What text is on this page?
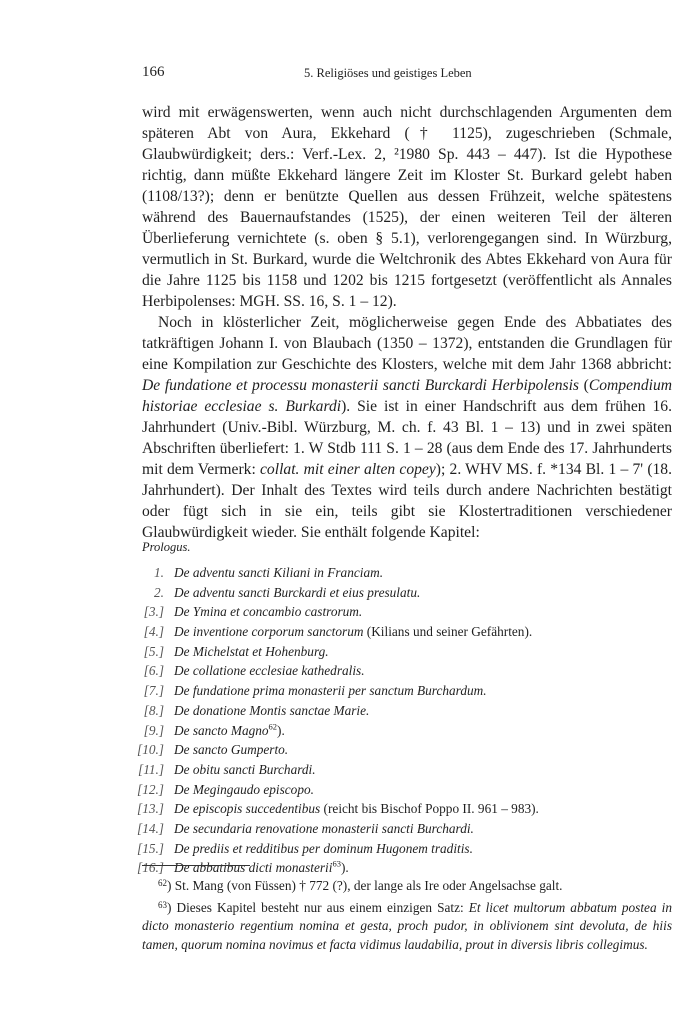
166	5. Religiöses und geistiges Leben

wird mit erwägenswerten, wenn auch nicht durchschlagenden Argumenten dem späteren Abt von Aura, Ekkehard († 1125), zugeschrieben (Schmale, Glaubwürdigkeit; ders.: Verf.-Lex. 2, ²1980 Sp. 443 – 447). Ist die Hypothese richtig, dann müßte Ekkehard längere Zeit im Kloster St. Burkard gelebt haben (1108/13?); denn er benützte Quellen aus dessen Frühzeit, welche spätestens während des Bauernaufstandes (1525), der einen weiteren Teil der älteren Überlieferung vernichtete (s. oben § 5.1), verlorengegangen sind. In Würzburg, vermutlich in St. Burkard, wurde die Weltchronik des Abtes Ekkehard von Aura für die Jahre 1125 bis 1158 und 1202 bis 1215 fortgesetzt (veröffentlicht als Annales Herbipolenses: MGH. SS. 16, S. 1 – 12).

Noch in klösterlicher Zeit, möglicherweise gegen Ende des Abbatiates des tatkräftigen Johann I. von Blaubach (1350 – 1372), entstanden die Grundlagen für eine Kompilation zur Geschichte des Klosters, welche mit dem Jahr 1368 abbricht: De fundatione et processu monasterii sancti Burckardi Herbipolensis (Compendium historiae ecclesiae s. Burkardi). Sie ist in einer Handschrift aus dem frühen 16. Jahrhundert (Univ.-Bibl. Würzburg, M. ch. f. 43 Bl. 1 – 13) und in zwei späten Abschriften überliefert: 1. W Stdb 111 S. 1 – 28 (aus dem Ende des 17. Jahrhunderts mit dem Vermerk: collat. mit einer alten copey); 2. WHV MS. f. *134 Bl. 1 – 7' (18. Jahrhundert). Der Inhalt des Textes wird teils durch andere Nachrichten bestätigt oder fügt sich in sie ein, teils gibt sie Klostertraditionen verschiedener Glaubwürdigkeit wieder. Sie enthält folgende Kapitel:

Prologus.
1. De adventu sancti Kiliani in Franciam.
2. De adventu sancti Burckardi et eius presulatu.
[3.] De Ymina et concambio castrorum.
[4.] De inventione corporum sanctorum (Kilians und seiner Gefährten).
[5.] De Michelstat et Hohenburg.
[6.] De collatione ecclesiae kathedralis.
[7.] De fundatione prima monasterii per sanctum Burchardum.
[8.] De donatione Montis sanctae Marie.
[9.] De sancto Magno$^{62}$).
[10.] De sancto Gumperto.
[11.] De obitu sancti Burchardi.
[12.] De Megingaudo episcopo.
[13.] De episcopis succedentibus (reicht bis Bischof Poppo II. 961 – 983).
[14.] De secundaria renovatione monasterii sancti Burchardi.
[15.] De prediis et redditibus per dominum Hugonem traditis.
[16.] De abbatibus dicti monasterii$^{63}$).

$^{62}$) St. Mang (von Füssen) † 772 (?), der lange als Ire oder Angelsachse galt.

$^{63}$) Dieses Kapitel besteht nur aus einem einzigen Satz: Et licet multorum abbatum postea in dicto monasterio regentium nomina et gesta, proch pudor, in oblivionem sint devoluta, de hiis tamen, quorum nomina novimus et facta vidimus laudabilia, prout in diversis libris collegimus.
